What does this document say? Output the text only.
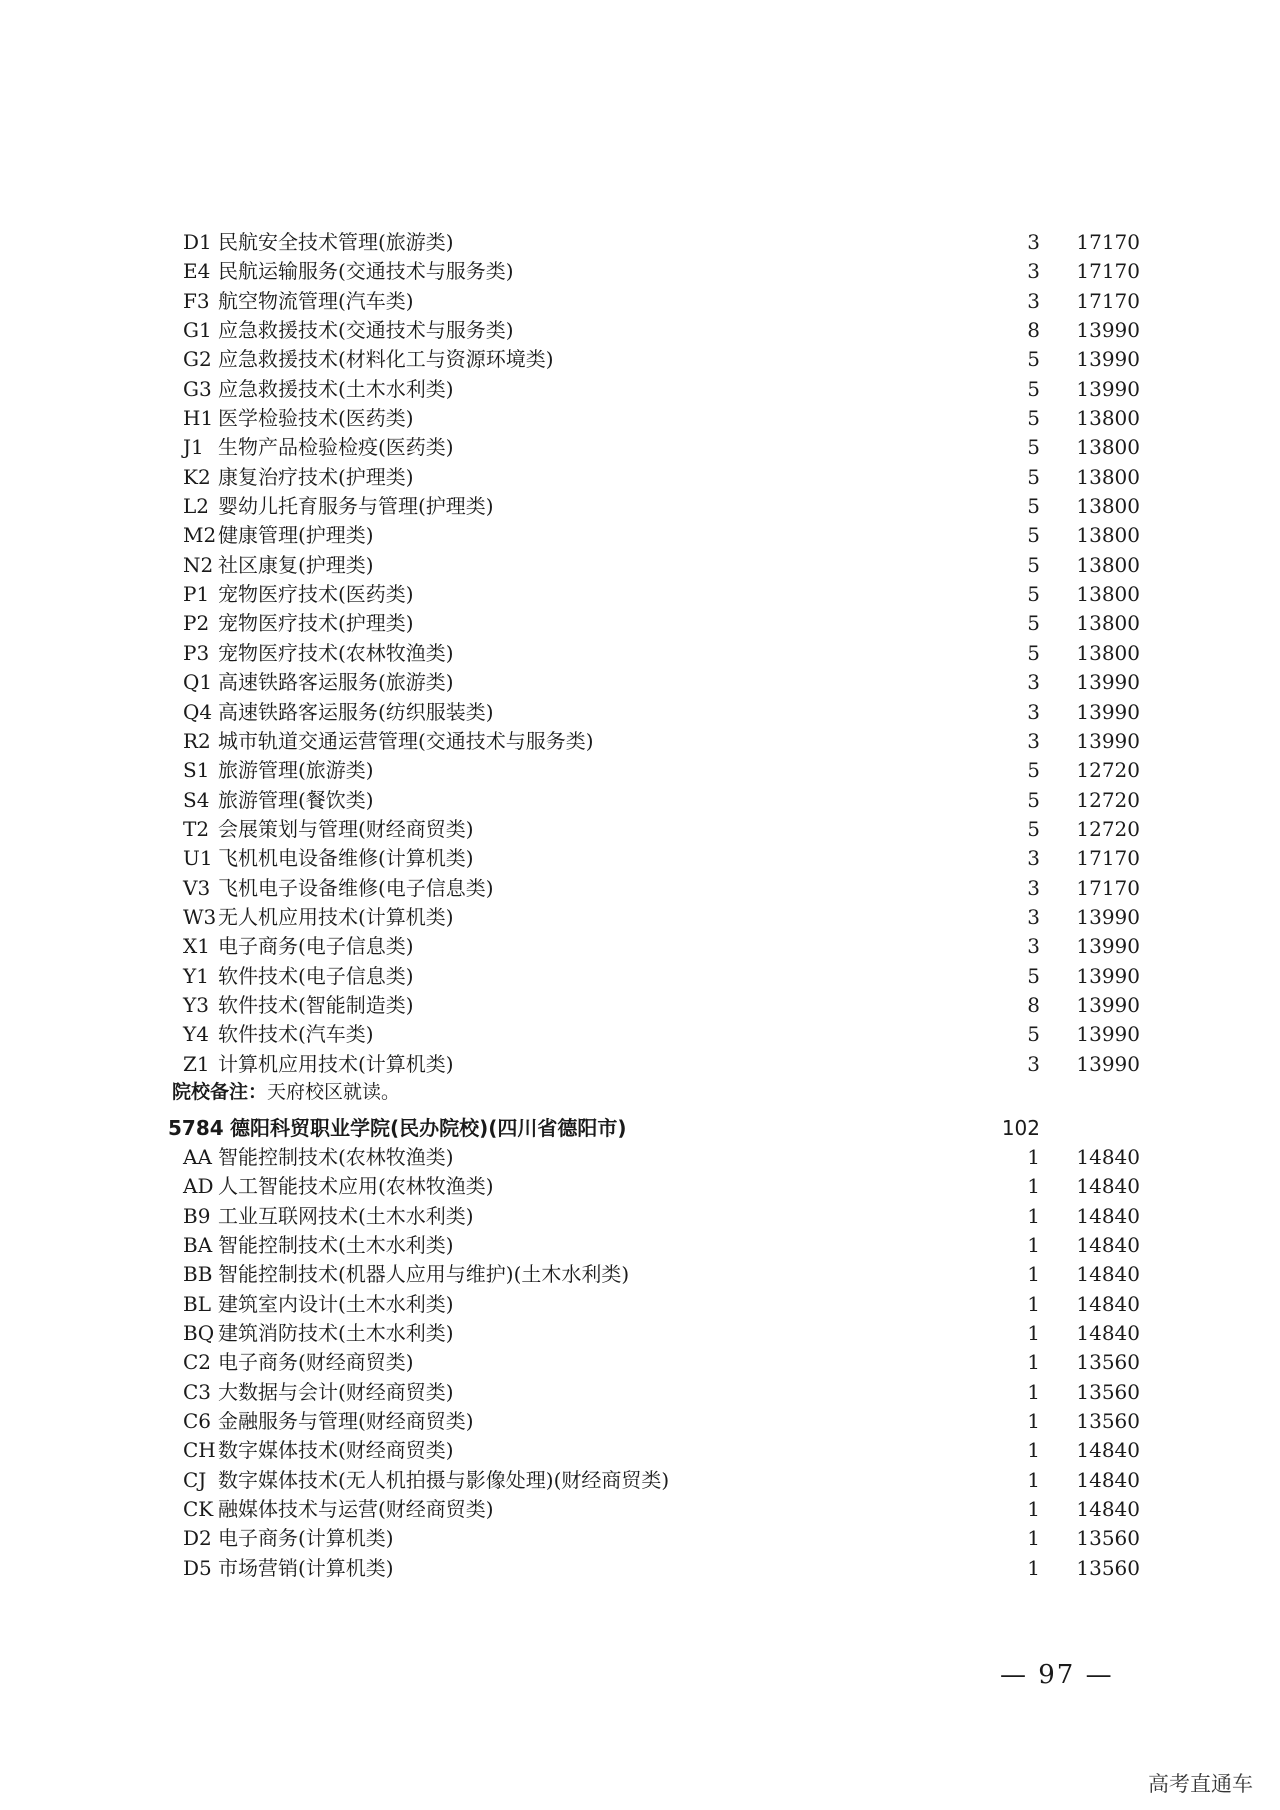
D1 民航安全技术管理(旅游类)	3	17170
E4 民航运输服务(交通技术与服务类)	3	17170
F3 航空物流管理(汽车类)	3	17170
G1 应急救援技术(交通技术与服务类)	8	13990
G2 应急救援技术(材料化工与资源环境类)	5	13990
G3 应急救援技术(土木水利类)	5	13990
H1 医学检验技术(医药类)	5	13800
J1 生物产品检验检疫(医药类)	5	13800
K2 康复治疗技术(护理类)	5	13800
L2 婴幼儿托育服务与管理(护理类)	5	13800
M2 健康管理(护理类)	5	13800
N2 社区康复(护理类)	5	13800
P1 宠物医疗技术(医药类)	5	13800
P2 宠物医疗技术(护理类)	5	13800
P3 宠物医疗技术(农林牧渔类)	5	13800
Q1 高速铁路客运服务(旅游类)	3	13990
Q4 高速铁路客运服务(纺织服装类)	3	13990
R2 城市轨道交通运营管理(交通技术与服务类)	3	13990
S1 旅游管理(旅游类)	5	12720
S4 旅游管理(餐饮类)	5	12720
T2 会展策划与管理(财经商贸类)	5	12720
U1 飞机机电设备维修(计算机类)	3	17170
V3 飞机电子设备维修(电子信息类)	3	17170
W3 无人机应用技术(计算机类)	3	13990
X1 电子商务(电子信息类)	3	13990
Y1 软件技术(电子信息类)	5	13990
Y3 软件技术(智能制造类)	8	13990
Y4 软件技术(汽车类)	5	13990
Z1 计算机应用技术(计算机类)	3	13990
院校备注：天府校区就读。
5784 德阳科贸职业学院(民办院校)(四川省德阳市)	102
AA 智能控制技术(农林牧渔类)	1	14840
AD 人工智能技术应用(农林牧渔类)	1	14840
B9 工业互联网技术(土木水利类)	1	14840
BA 智能控制技术(土木水利类)	1	14840
BB 智能控制技术(机器人应用与维护)(土木水利类)	1	14840
BL 建筑室内设计(土木水利类)	1	14840
BQ 建筑消防技术(土木水利类)	1	14840
C2 电子商务(财经商贸类)	1	13560
C3 大数据与会计(财经商贸类)	1	13560
C6 金融服务与管理(财经商贸类)	1	13560
CH 数字媒体技术(财经商贸类)	1	14840
CJ 数字媒体技术(无人机拍摄与影像处理)(财经商贸类)	1	14840
CK 融媒体技术与运营(财经商贸类)	1	14840
D2 电子商务(计算机类)	1	13560
D5 市场营销(计算机类)	1	13560
— 97 —
高考直通车
